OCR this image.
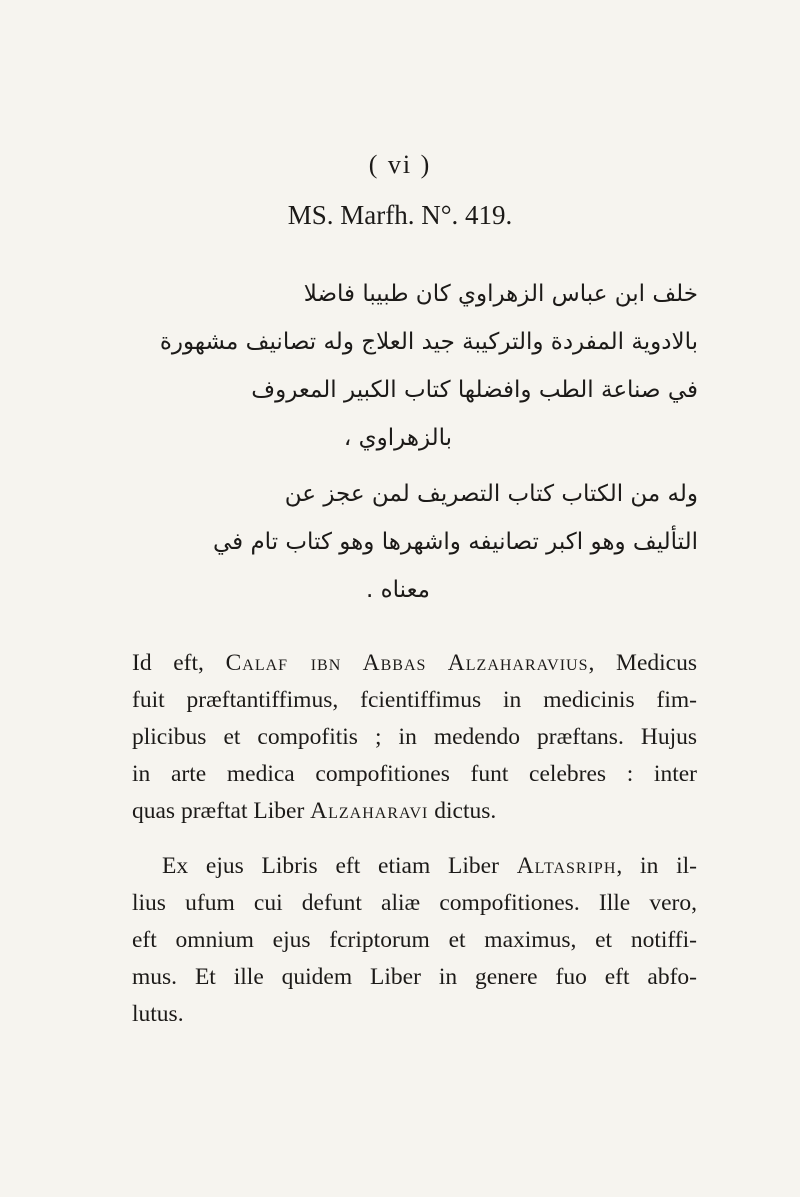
( vi )
MS. Marfh. N°. 419.
خلف ابن عباس الزهراوي كان طبيبا فاضلا
بالادوية المفردة والتركيبة جيد العلاج وله تصانيف مشهورة
في صناعة الطب وافضلها كتاب الكبير المعروف
بالزهراوي ،
وله من الكتاب كتاب التصريف لمن عجز عن
التأليف وهو اكبر تصانيفه واشهرها وهو كتاب تام في
معناه .
Id eft, Calaf ibn Abbas Alzaharavius, Medicus
fuit præftantiffimus, fcientiffimus in medicinis fim-
plicibus et compofitis ; in medendo præftans. Hujus
in arte medica compofitiones funt celebres : inter
quas præftat Liber Alzaharavi dictus.
Ex ejus Libris eft etiam Liber Altasriph, in il-
lius ufum cui defunt aliæ compofitiones. Ille vero,
eft omnium ejus fcriptorum et maximus, et notiffi-
mus. Et ille quidem Liber in genere fuo eft abfo-
lutus.
